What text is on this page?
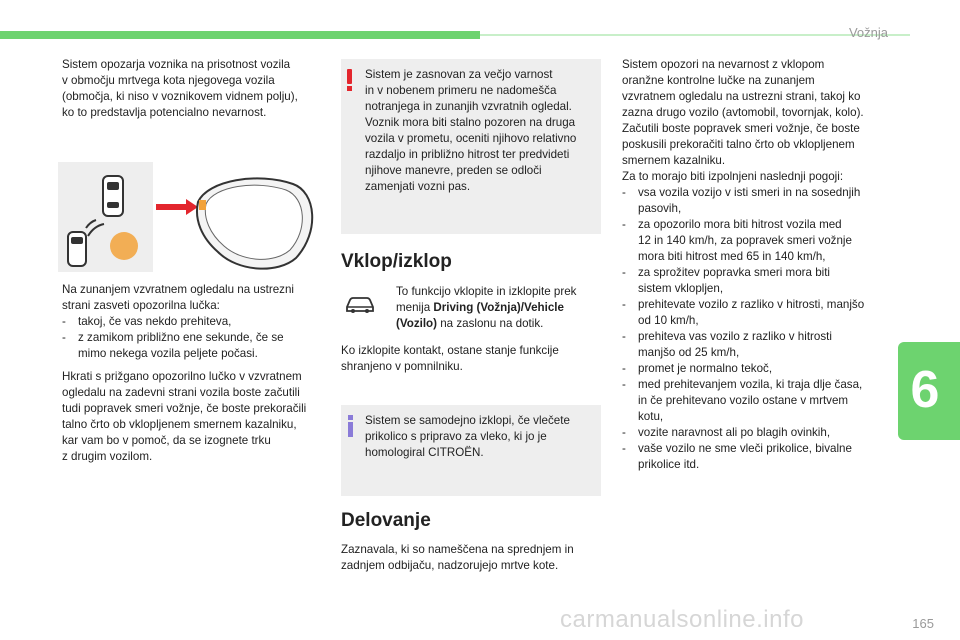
Vožnja
Sistem opozarja voznika na prisotnost vozila
v območju mrtvega kota njegovega vozila
(območja, ki niso v voznikovem vidnem polju),
ko to predstavlja potencialno nevarnost.
Na zunanjem vzvratnem ogledalu na ustrezni
strani zasveti opozorilna lučka:
- takoj, če vas nekdo prehiteva,
- z zamikom približno ene sekunde, če se
mimo nekega vozila peljete počasi.
Hkrati s prižgano opozorilno lučko v vzvratnem
ogledalu na zadevni strani vozila boste začutili
tudi popravek smeri vožnje, če boste prekoračili
talno črto ob vklopljenem smernem kazalniku,
kar vam bo v pomoč, da se izognete trku
z drugim vozilom.
Sistem je zasnovan za večjo varnost
in v nobenem primeru ne nadomešča
notranjega in zunanjih vzvratnih ogledal.
Voznik mora biti stalno pozoren na druga
vozila v prometu, oceniti njihovo relativno
razdaljo in približno hitrost ter predvideti
njihove manevre, preden se odloči
zamenjati vozni pas.
Vklop/izklop
To funkcijo vklopite in izklopite prek
menija Driving (Vožnja)/Vehicle
(Vozilo) na zaslonu na dotik.
Ko izklopite kontakt, ostane stanje funkcije
shranjeno v pomnilniku.
Sistem se samodejno izklopi, če vlečete
prikolico s pripravo za vleko, ki jo je
homologiral CITROËN.
Delovanje
Zaznavala, ki so nameščena na sprednjem in
zadnjem odbijaču, nadzorujejo mrtve kote.
Sistem opozori na nevarnost z vklopom
oranžne kontrolne lučke na zunanjem
vzvratnem ogledalu na ustrezni strani, takoj ko
zazna drugo vozilo (avtomobil, tovornjak, kolo).
Začutili boste popravek smeri vožnje, če boste
poskusili prekoračiti talno črto ob vklopljenem
smernem kazalniku.
Za to morajo biti izpolnjeni naslednji pogoji:
- vsa vozila vozijo v isti smeri in na sosednjih
pasovih,
- za opozorilo mora biti hitrost vozila med
12 in 140 km/h, za popravek smeri vožnje
mora biti hitrost med 65 in 140 km/h,
- za sprožitev popravka smeri mora biti
sistem vklopljen,
- prehitevate vozilo z razliko v hitrosti, manjšo
od 10 km/h,
- prehiteva vas vozilo z razliko v hitrosti
manjšo od 25 km/h,
- promet je normalno tekoč,
- med prehitevanjem vozila, ki traja dlje časa,
in če prehitevano vozilo ostane v mrtvem
kotu,
- vozite naravnost ali po blagih ovinkih,
- vaše vozilo ne sme vleči prikolice, bivalne
prikolice itd.
6
carmanualsonline.info	165
